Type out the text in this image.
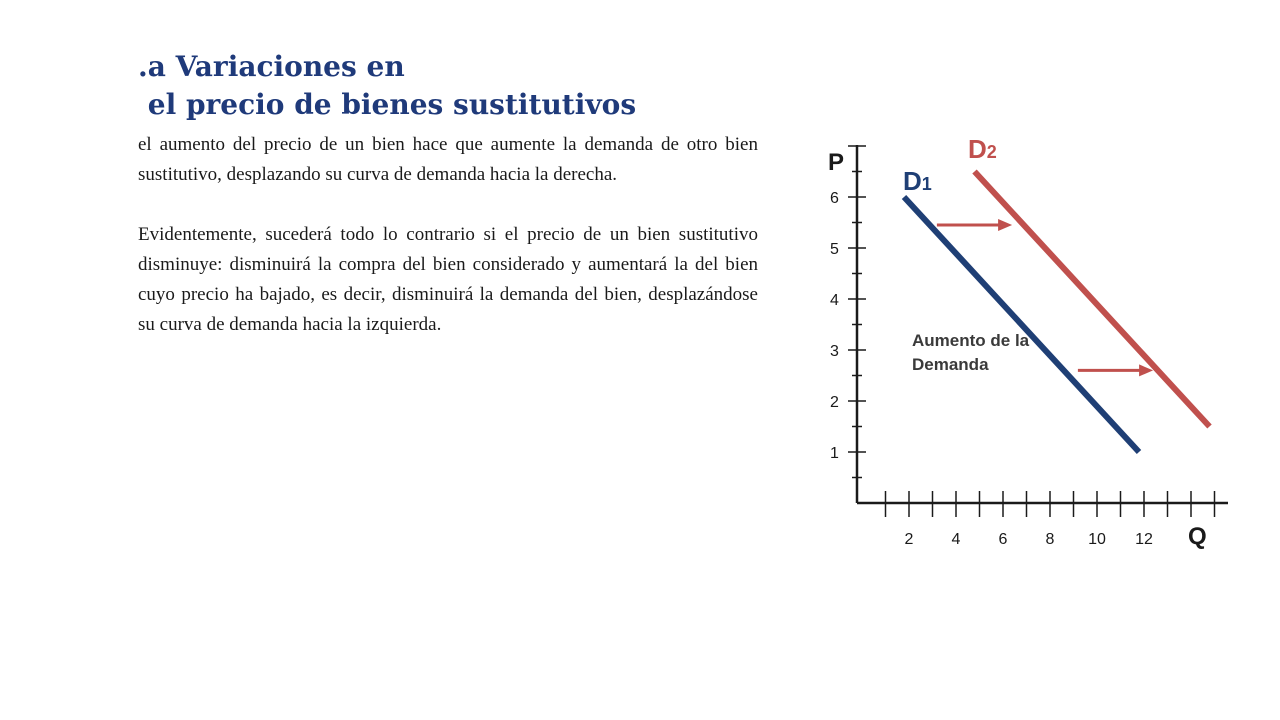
.a Variaciones en
el precio de bienes sustitutivos

el aumento del precio de un bien hace que aumente la demanda de otro bien sustitutivo, desplazando su curva de demanda hacia la derecha.

Evidentemente, sucederá todo lo contrario si el precio de un bien sustitutivo disminuye: disminuirá la compra del bien considerado y aumentará la del bien cuyo precio ha bajado, es decir, disminuirá la demanda del bien, desplazándose su curva de demanda hacia la izquierda.

1
2
3
4
5
6
2 4 6 8 10 12
D1
D2
P
Q
Aumento de la Demanda
